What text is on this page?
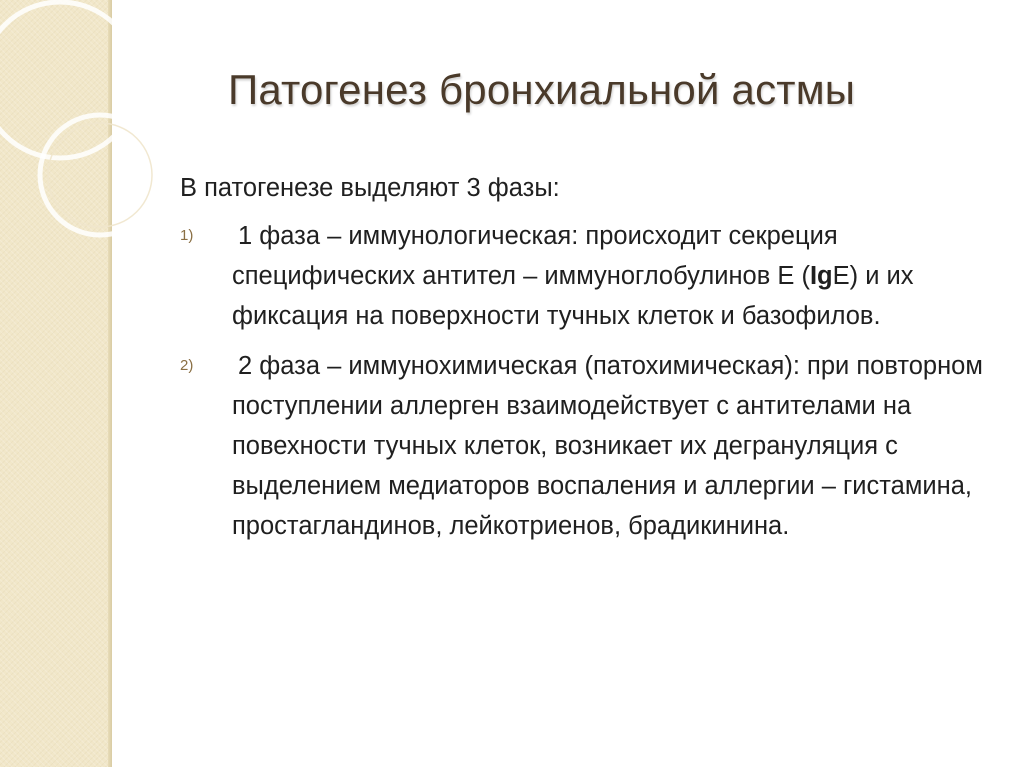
Патогенез бронхиальной астмы

В патогенезе выделяют 3 фазы:

1)	1 фаза – иммунологическая: происходит секреция специфических антител – иммуноглобулинов Е (IgE) и их фиксация на поверхности тучных клеток и базофилов.
2)	2 фаза – иммунохимическая (патохимическая): при повторном поступлении аллерген взаимодействует с антителами на повехности тучных клеток, возникает их дегрануляция с выделением медиаторов воспаления и аллергии – гистамина, простагландинов, лейкотриенов, брадикинина.
